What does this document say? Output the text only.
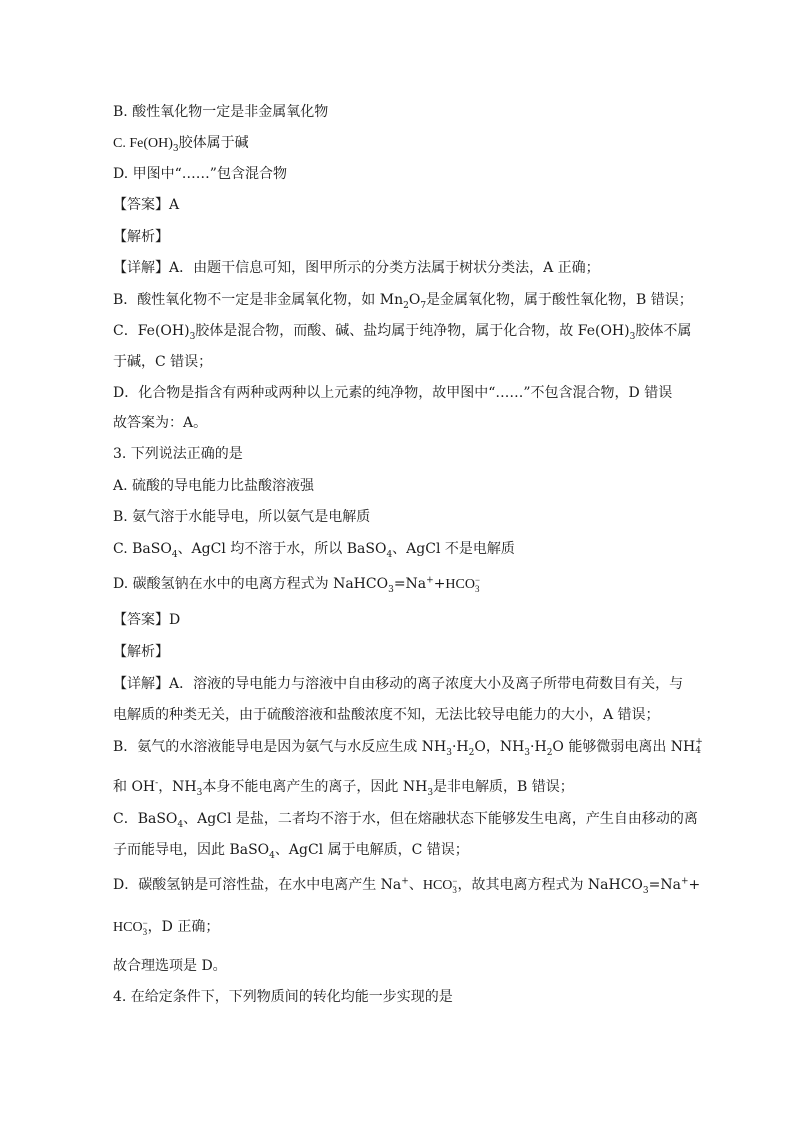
B. 酸性氧化物一定是非金属氧化物
C. $Fe(OH)_3$胶体属于碱
D. 甲图中“……”包含混合物
【答案】A
【解析】
【详解】A．由题干信息可知，图甲所示的分类方法属于树状分类法，A 正确；
B．酸性氧化物不一定是非金属氧化物，如 $Mn_2O_7$是金属氧化物，属于酸性氧化物，B 错误；
C．$Fe(OH)_3$胶体是混合物，而酸、碱、盐均属于纯净物，属于化合物，故 $Fe(OH)_3$胶体不属
于碱，C 错误；
D．化合物是指含有两种或两种以上元素的纯净物，故甲图中“……”不包含混合物，D 错误
故答案为：A。
3. 下列说法正确的是
A. 硫酸的导电能力比盐酸溶液强
B. 氨气溶于水能导电，所以氨气是电解质
C. BaSO$_4$、AgCl 均不溶于水，所以 BaSO$_4$、AgCl 不是电解质
D. 碳酸氢钠在水中的电离方程式为 NaHCO$_3$=Na++HCO −
3
【答案】D
【解析】
【详解】A．溶液的导电能力与溶液中自由移动的离子浓度大小及离子所带电荷数目有关，与
电解质的种类无关，由于硫酸溶液和盐酸浓度不知，无法比较导电能力的大小，A 错误；
B．氨气的水溶液能导电是因为氨气与水反应生成 $NH_3\cdot H_2O$，$NH_3\cdot H_2O$ 能够微弱电离出 NH +
4
和 OH-，$NH_3$本身不能电离产生的离子，因此 $NH_3$是非电解质，B 错误；
C．BaSO$_4$、AgCl 是盐，二者均不溶于水，但在熔融状态下能够发生电离，产生自由移动的离
子而能导电，因此 BaSO$_4$、AgCl 属于电解质，C 错误；
D．碳酸氢钠是可溶性盐，在水中电离产生 Na+、HCO −
3 ，故其电离方程式为 NaHCO$_3$=Na++
HCO −
3 ，D 正确；
故合理选项是 D。
4. 在给定条件下，下列物质间的转化均能一步实现的是
